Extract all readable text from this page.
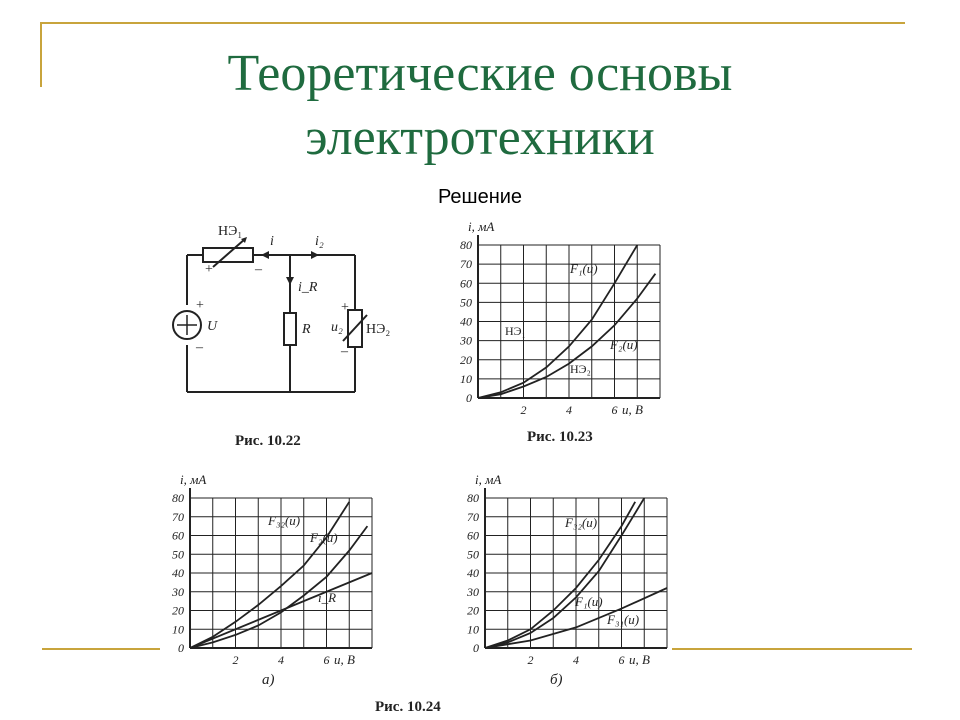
Теоретические основы
электротехники
Решение
НЭ₁
i	i₂
i_R
R u₂ НЭ₂
U
+
–
+	–
+
–
Рис. 10.22
0
10
20
30
40
50
60
70
80
2	4	6
i, мА
u, В
F₁(u)
НЭ₁
F₂(u)
НЭ₂
Рис. 10.23
0
10
20
30
40
50
60
70
80
2	4	6
i, мА
u, В
F₃₂(u)
F₂(u)
i_R
а)
0
10
20
30
40
50
60
70
80
2	4	6
i, мА
u, В
F₃₂(u)
F₁(u)
F₃₁(u)
б)
Рис. 10.24
